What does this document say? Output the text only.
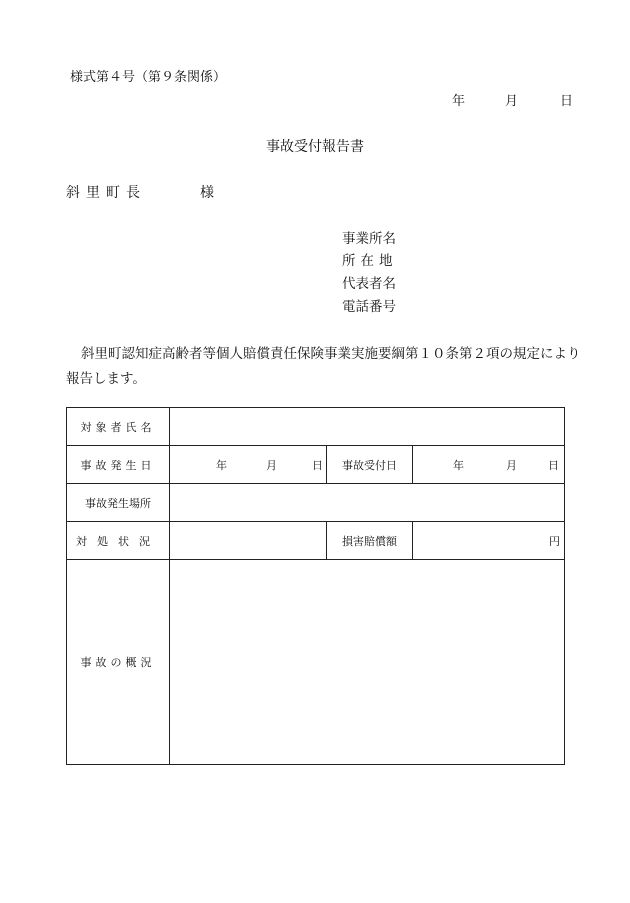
様式第４号（第９条関係）
年	月	日
事故受付報告書
斜里町長	様
事業所名
所在地
代表者名
電話番号
斜里町認知症高齢者等個人賠償責任保険事業実施要綱第１０条第２項の規定により報告します。
対象者氏名			
事故発生日	年 月 日	事故受付日	年 月 日

事故発生場所			
対処状況		損害賠償額	円
事故の概況			
